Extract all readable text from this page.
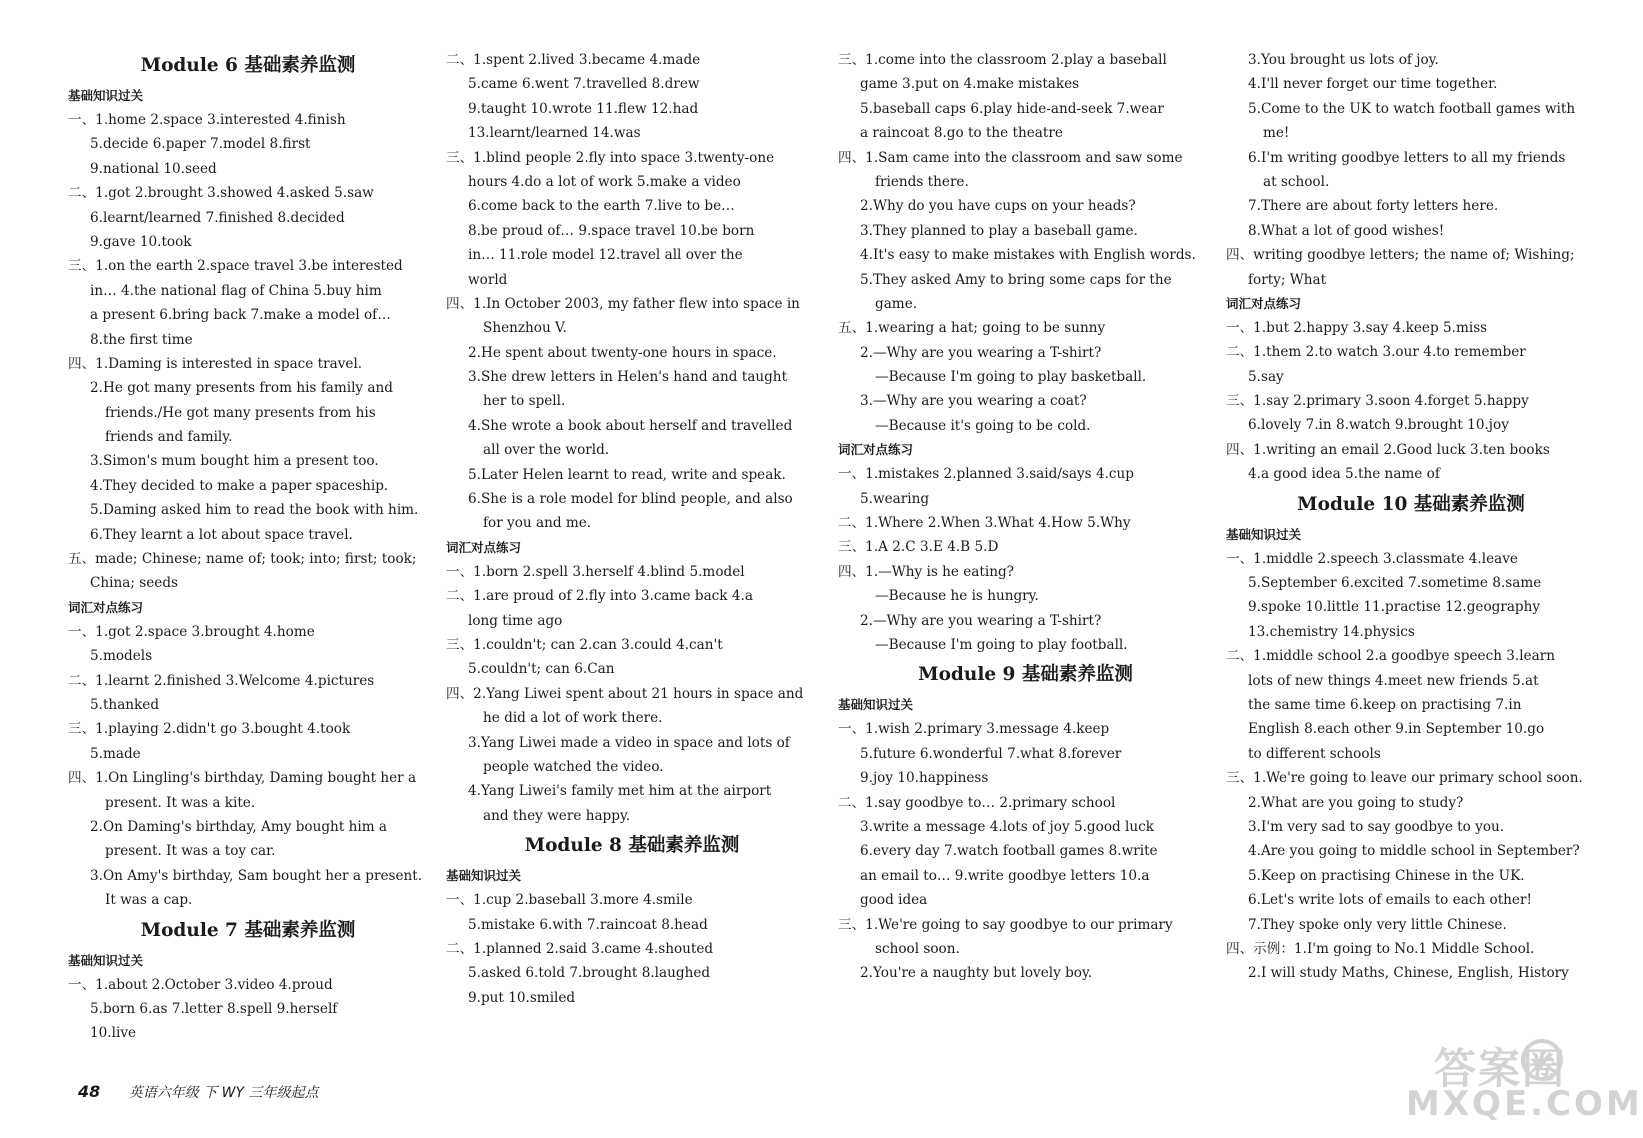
Module 6 基础素养监测
基础知识过关
一、1.home 2.space 3.interested 4.finish
5.decide 6.paper 7.model 8.first
9.national 10.seed
二、1.got 2.brought 3.showed 4.asked 5.saw
6.learnt/learned 7.finished 8.decided
9.gave 10.took
三、1.on the earth 2.space travel 3.be interested
in… 4.the national flag of China 5.buy him
a present 6.bring back 7.make a model of…
8.the first time
四、1.Daming is interested in space travel.
2.He got many presents from his family and
friends./He got many presents from his
friends and family.
3.Simon's mum bought him a present too.
4.They decided to make a paper spaceship.
5.Daming asked him to read the book with him.
6.They learnt a lot about space travel.
五、made; Chinese; name of; took; into; first; took;
China; seeds
词汇对点练习
一、1.got 2.space 3.brought 4.home
5.models
二、1.learnt 2.finished 3.Welcome 4.pictures
5.thanked
三、1.playing 2.didn't go 3.bought 4.took
5.made
四、1.On Lingling's birthday, Daming bought her a
present. It was a kite.
2.On Daming's birthday, Amy bought him a
present. It was a toy car.
3.On Amy's birthday, Sam bought her a present.
It was a cap.
Module 7 基础素养监测
基础知识过关
一、1.about 2.October 3.video 4.proud
5.born 6.as 7.letter 8.spell 9.herself
10.live
二、1.spent 2.lived 3.became 4.made
5.came 6.went 7.travelled 8.drew
9.taught 10.wrote 11.flew 12.had
13.learnt/learned 14.was
三、1.blind people 2.fly into space 3.twenty-one
hours 4.do a lot of work 5.make a video
6.come back to the earth 7.live to be…
8.be proud of… 9.space travel 10.be born
in… 11.role model 12.travel all over the
world
四、1.In October 2003, my father flew into space in
Shenzhou V.
2.He spent about twenty-one hours in space.
3.She drew letters in Helen's hand and taught
her to spell.
4.She wrote a book about herself and travelled
all over the world.
5.Later Helen learnt to read, write and speak.
6.She is a role model for blind people, and also
for you and me.
词汇对点练习
一、1.born 2.spell 3.herself 4.blind 5.model
二、1.are proud of 2.fly into 3.came back 4.a
long time ago
三、1.couldn't; can 2.can 3.could 4.can't
5.couldn't; can 6.Can
四、2.Yang Liwei spent about 21 hours in space and
he did a lot of work there.
3.Yang Liwei made a video in space and lots of
people watched the video.
4.Yang Liwei's family met him at the airport
and they were happy.
Module 8 基础素养监测
基础知识过关
一、1.cup 2.baseball 3.more 4.smile
5.mistake 6.with 7.raincoat 8.head
二、1.planned 2.said 3.came 4.shouted
5.asked 6.told 7.brought 8.laughed
9.put 10.smiled
三、1.come into the classroom 2.play a baseball
game 3.put on 4.make mistakes
5.baseball caps 6.play hide-and-seek 7.wear
a raincoat 8.go to the theatre
四、1.Sam came into the classroom and saw some
friends there.
2.Why do you have cups on your heads?
3.They planned to play a baseball game.
4.It's easy to make mistakes with English words.
5.They asked Amy to bring some caps for the
game.
五、1.wearing a hat; going to be sunny
2.—Why are you wearing a T-shirt?
—Because I'm going to play basketball.
3.—Why are you wearing a coat?
—Because it's going to be cold.
词汇对点练习
一、1.mistakes 2.planned 3.said/says 4.cup
5.wearing
二、1.Where 2.When 3.What 4.How 5.Why
三、1.A 2.C 3.E 4.B 5.D
四、1.—Why is he eating?
—Because he is hungry.
2.—Why are you wearing a T-shirt?
—Because I'm going to play football.
Module 9 基础素养监测
基础知识过关
一、1.wish 2.primary 3.message 4.keep
5.future 6.wonderful 7.what 8.forever
9.joy 10.happiness
二、1.say goodbye to… 2.primary school
3.write a message 4.lots of joy 5.good luck
6.every day 7.watch football games 8.write
an email to… 9.write goodbye letters 10.a
good idea
三、1.We're going to say goodbye to our primary
school soon.
2.You're a naughty but lovely boy.
3.You brought us lots of joy.
4.I'll never forget our time together.
5.Come to the UK to watch football games with
me!
6.I'm writing goodbye letters to all my friends
at school.
7.There are about forty letters here.
8.What a lot of good wishes!
四、writing goodbye letters; the name of; Wishing;
forty; What
词汇对点练习
一、1.but 2.happy 3.say 4.keep 5.miss
二、1.them 2.to watch 3.our 4.to remember
5.say
三、1.say 2.primary 3.soon 4.forget 5.happy
6.lovely 7.in 8.watch 9.brought 10.joy
四、1.writing an email 2.Good luck 3.ten books
4.a good idea 5.the name of
Module 10 基础素养监测
基础知识过关
一、1.middle 2.speech 3.classmate 4.leave
5.September 6.excited 7.sometime 8.same
9.spoke 10.little 11.practise 12.geography
13.chemistry 14.physics
二、1.middle school 2.a goodbye speech 3.learn
lots of new things 4.meet new friends 5.at
the same time 6.keep on practising 7.in
English 8.each other 9.in September 10.go
to different schools
三、1.We're going to leave our primary school soon.
2.What are you going to study?
3.I'm very sad to say goodbye to you.
4.Are you going to middle school in September?
5.Keep on practising Chinese in the UK.
6.Let's write lots of emails to each other!
7.They spoke only very little Chinese.
四、示例：1.I'm going to No.1 Middle School.
2.I will study Maths, Chinese, English, History
48 英语六年级 下 WY 三年级起点	答案圈
MXQE.COM
